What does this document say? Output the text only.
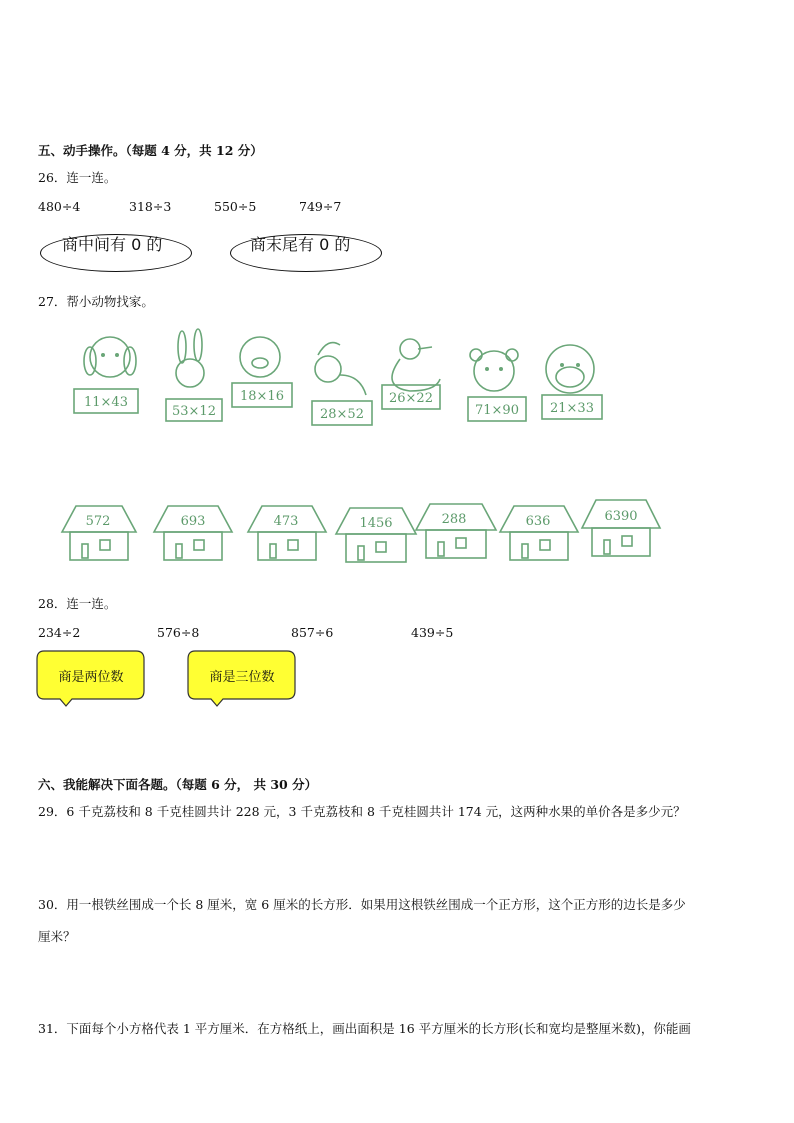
五、动手操作。（每题 4 分，共 12 分）
26．连一连。
480÷4	318÷3	550÷5	749÷7
商中间有 0 的	商末尾有 0 的
27．帮小动物找家。
11×43
53×12
18×16
28×52
26×22
71×90 21×33
572	693	473	1456	288	636	6390
28．连一连。
234÷2	576÷8	857÷6	439÷5
商是两位数	商是三位数
六、我能解决下面各题。（每题 6 分， 共 30 分）
29．6 千克荔枝和 8 千克桂圆共计 228 元，3 千克荔枝和 8 千克桂圆共计 174 元，这两种水果的单价各是多少元？
30．用一根铁丝围成一个长 8 厘米，宽 6 厘米的长方形．如果用这根铁丝围成一个正方形，这个正方形的边长是多少
厘米？
31．下面每个小方格代表 1 平方厘米．在方格纸上，画出面积是 16 平方厘米的长方形(长和宽均是整厘米数)，你能画
